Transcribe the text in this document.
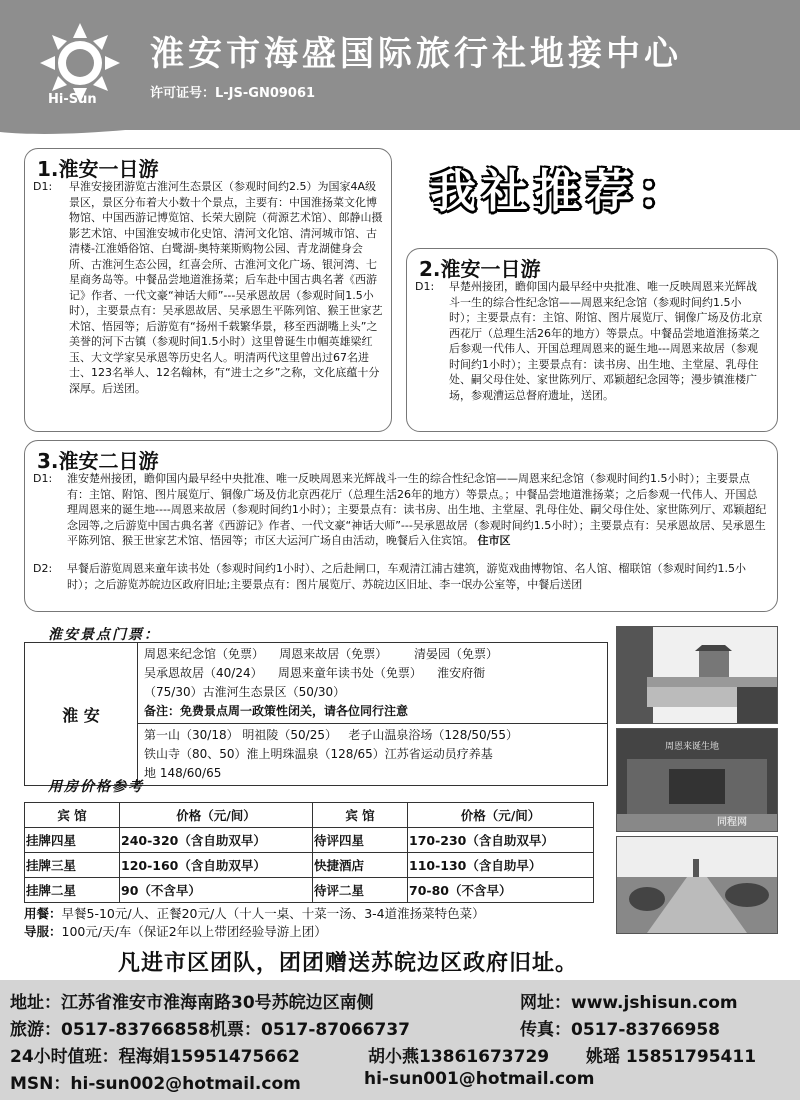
Hi-Sun
淮安市海盛国际旅行社地接中心
许可证号：L-JS-GN09061
1.淮安一日游
D1: 早淮安接团游览古淮河生态景区（参观时间约2.5）为国家4A级景区，景区分布着大小数十个景点，主要有：中国淮扬菜文化博物馆、中国西游记博览馆、长荣大剧院（荷源艺术馆）、郎静山摄影艺术馆、中国淮安城市化史馆、清河文化馆、清河城市馆、古清楼-江淮婚俗馆、白鹭湖-奥特莱斯购物公园、青龙湖健身会所、古淮河生态公园，红喜会所、古淮河文化广场、银河湾、七星商务岛等。中餐品尝地道淮扬菜；后车赴中国古典名著《西游记》作者、一代文豪“神话大师”---吴承恩故居（参观时间1.5小时），主要景点有：吴承恩故居、吴承恩生平陈列馆、猴王世家艺术馆、悟园等；后游览有“扬州千载繁华景，移至西湖嘴上头”之美誉的河下古镇（参观时间1.5小时）这里曾诞生巾帼英雄梁红玉、大文学家吴承恩等历史名人。明清两代这里曾出过67名进士、123名举人、12名翰林，有“进士之乡”之称，文化底蕴十分深厚。后送团。
我社推荐：
2.淮安一日游
D1: 早楚州接团，瞻仰国内最早经中央批准、唯一反映周恩来光辉战斗一生的综合性纪念馆——周恩来纪念馆（参观时间约1.5小时）；主要景点有：主馆、附馆、图片展览厅、铜像广场及仿北京西花厅（总理生活26年的地方）等景点。中餐品尝地道淮扬菜之后参观一代伟人、开国总理周恩来的诞生地---周恩来故居（参观时间约1小时）；主要景点有：读书房、出生地、主堂屋、乳母住处、嗣父母住处、家世陈列厅、邓颖超纪念园等；漫步镇淮楼广场，参观漕运总督府遗址，送团。
3.淮安二日游
D1: 淮安楚州接团，瞻仰国内最早经中央批准、唯一反映周恩来光辉战斗一生的综合性纪念馆——周恩来纪念馆（参观时间约1.5小时）；主要景点有：主馆、附馆、图片展览厅、铜像广场及仿北京西花厅（总理生活26年的地方）等景点。；中餐品尝地道淮扬菜；之后参观一代伟人、开国总理周恩来的诞生地----周恩来故居（参观时间约1小时）；主要景点有：读书房、出生地、主堂屋、乳母住处、嗣父母住处、家世陈列厅、邓颖超纪念园等,之后游览中国古典名著《西游记》作者、一代文豪“神话大师”---吴承恩故居（参观时间约1.5小时）；主要景点有：吴承恩故居、吴承恩生平陈列馆、猴王世家艺术馆、悟园等；市区大运河广场自由活动，晚餐后入住宾馆。 住市区
D2: 早餐后游览周恩来童年读书处（参观时间约1小时）、之后赴闸口，车观清江浦古建筑，游览戏曲博物馆、名人馆、榴联馆（参观时间约1.5小时）；之后游览苏皖边区政府旧址;主要景点有：图片展览厅、苏皖边区旧址、李一氓办公室等，中餐后送团
淮安景点门票：
淮 安	
周恩来纪念馆（免票）    周恩来故居（免票）       清晏园（免票）
吴承恩故居（40/24）    周恩来童年读书处（免票）    淮安府衙
（75/30）古淮河生态景区（50/30）
备注：免费景点周一政策性闭关，请各位同行注意

第一山（30/18） 明祖陵（50/25）   老子山温泉浴场（128/50/55）
铁山寺（80、50）淮上明珠温泉（128/65）江苏省运动员疗养基
地 148/60/65
用房价格参考
宾 馆	价格（元/间）	宾 馆	价格（元/间）
挂牌四星	240-320（含自助双早）	待评四星	170-230（含自助双早）
挂牌三星	120-160（含自助双早）	快捷酒店	110-130（含自助早）
挂牌二星	90（不含早）	待评二星	70-80（不含早）
用餐：早餐5-10元/人、正餐20元/人（十人一桌、十菜一汤、3-4道淮扬菜特色菜）
导服：100元/天/车（保证2年以上带团经验导游上团）
凡进市区团队，团团赠送苏皖边区政府旧址。
周恩来诞生地
同程网
地址：江苏省淮安市淮海南路30号苏皖边区南侧	网址：www.jshisun.com
旅游：0517-83766858机票：0517-87066737	传真：0517-83766958
24小时值班：程海娟15951475662	胡小燕13861673729 姚瑶 15851795411
MSN：hi-sun002@hotmail.com	hi-sun001@hotmail.com
